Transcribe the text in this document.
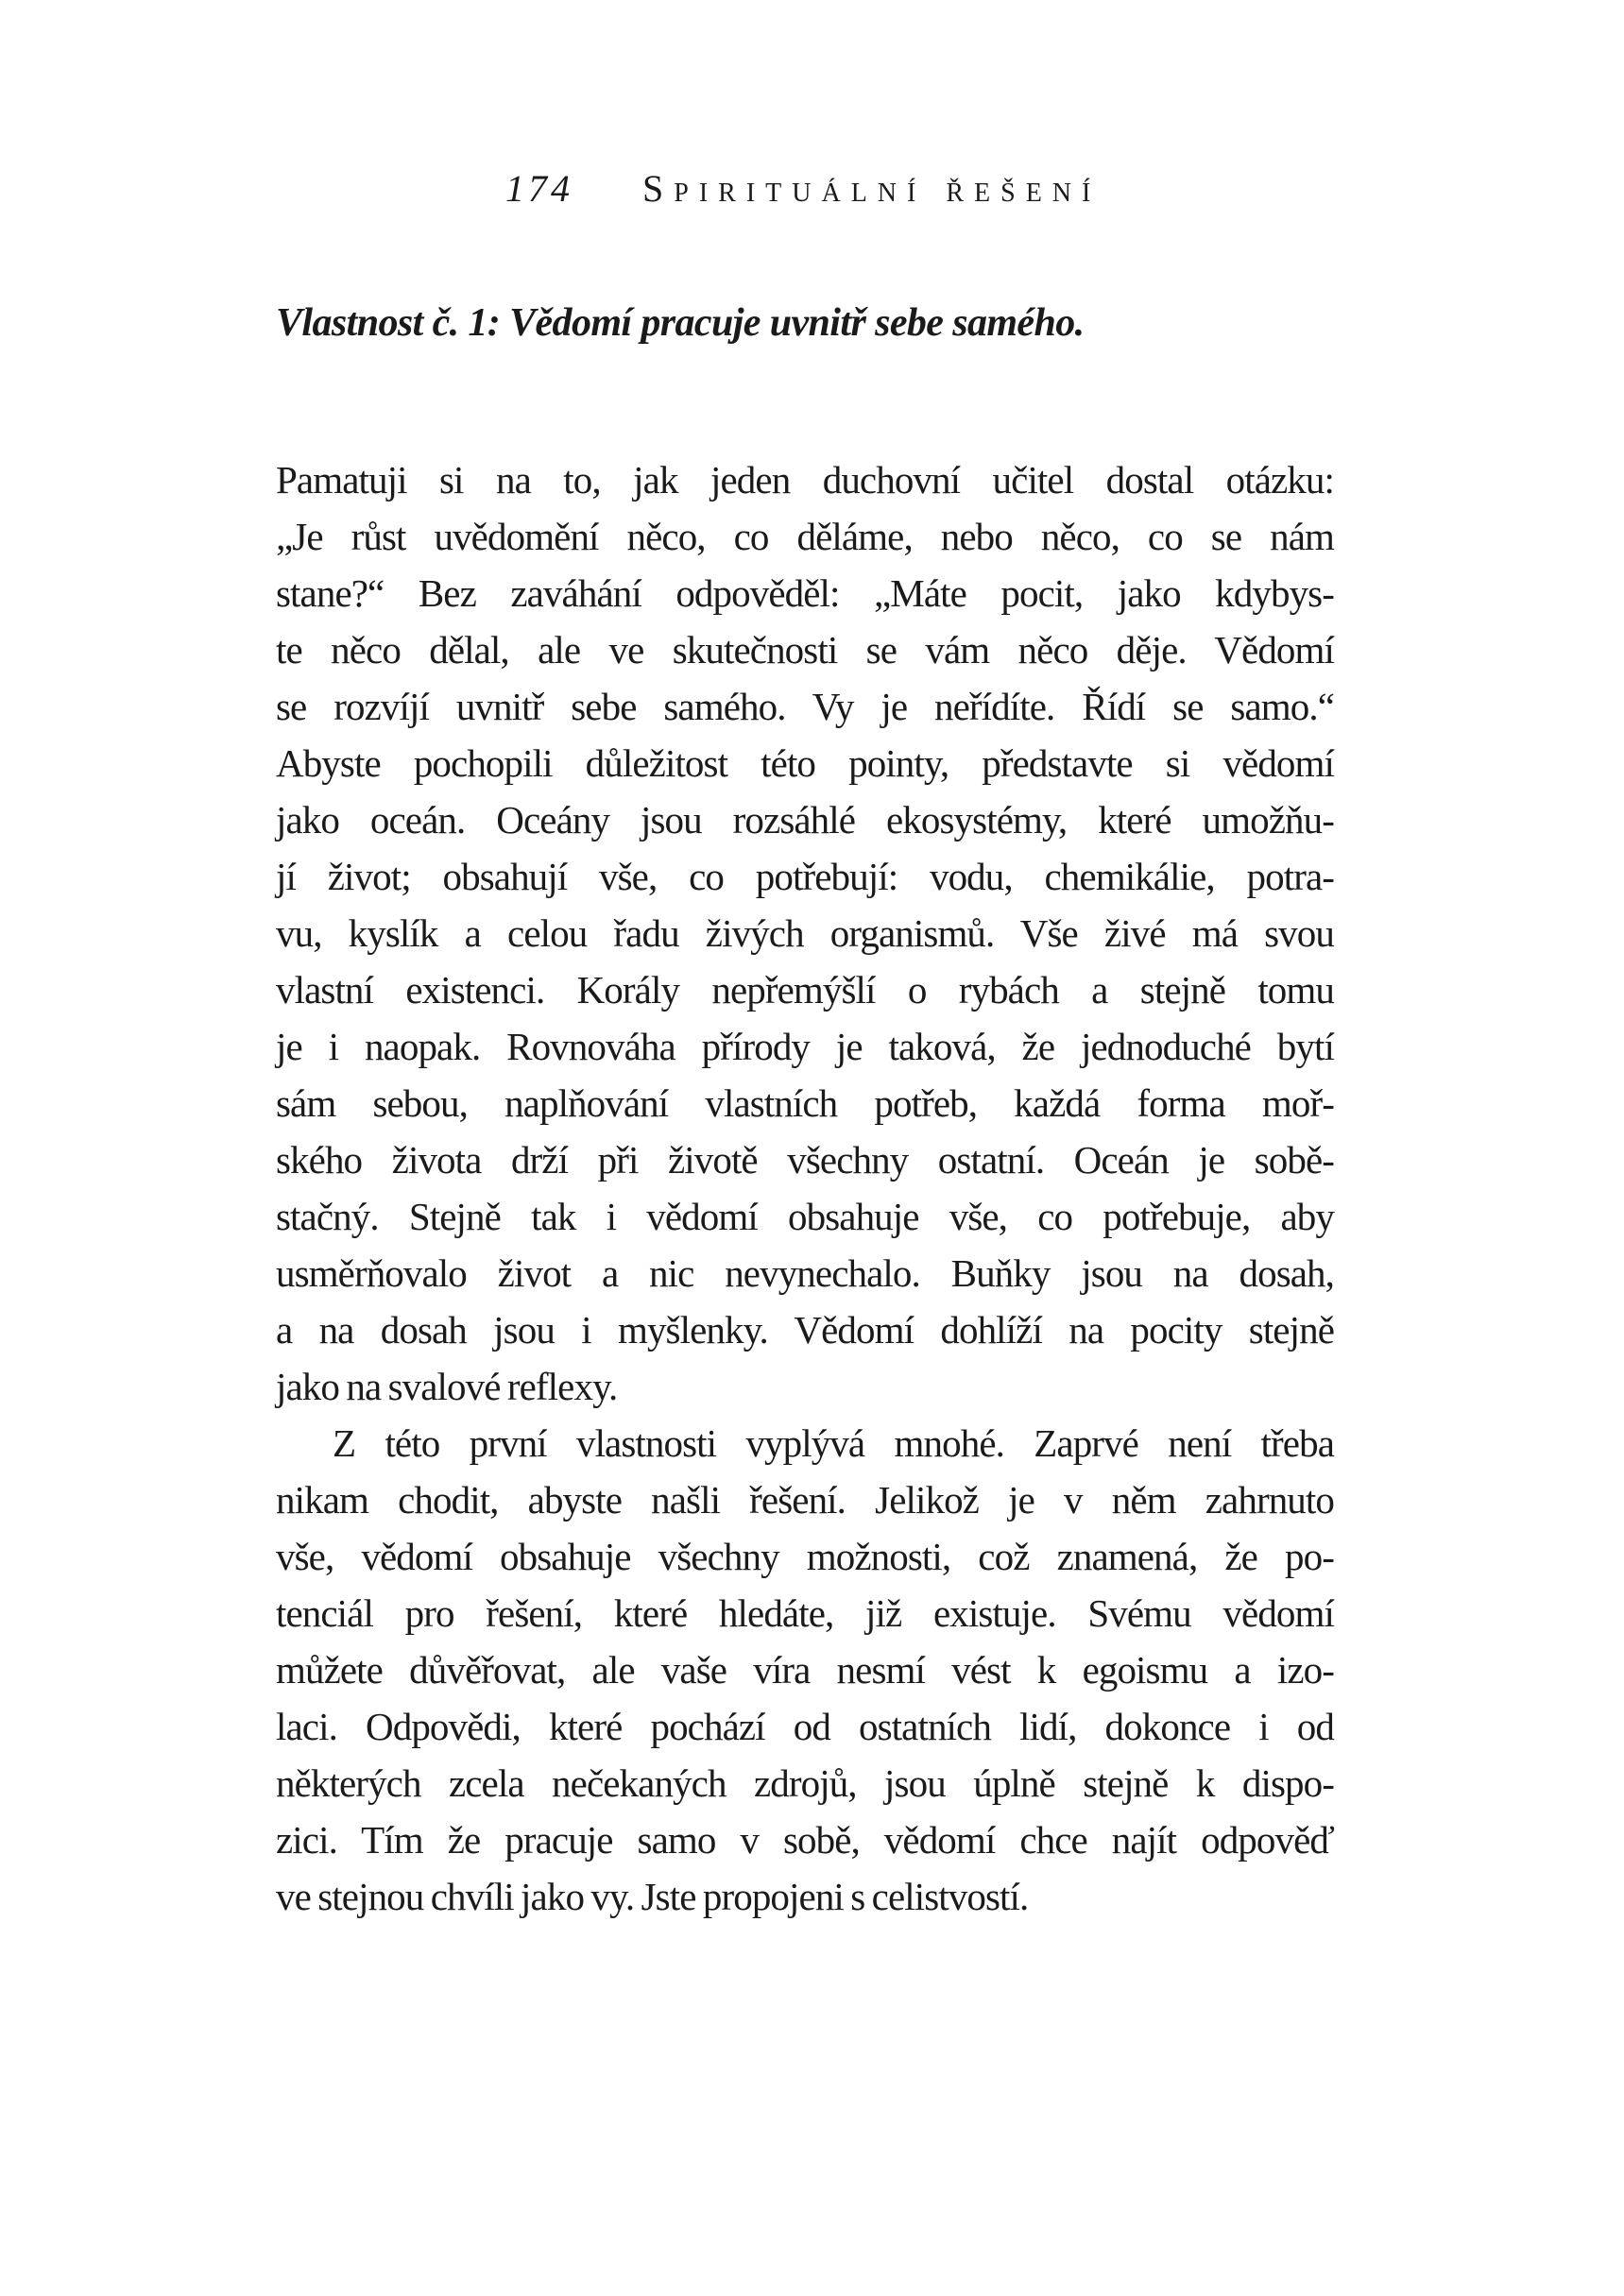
174 Spirituální řešení
Vlastnost č. 1: Vědomí pracuje uvnitř sebe samého.
Pamatuji si na to, jak jeden duchovní učitel dostal otázku:
„Je růst uvědomění něco, co děláme, nebo něco, co se nám
stane?“ Bez zaváhání odpověděl: „Máte pocit, jako kdybys-
te něco dělal, ale ve skutečnosti se vám něco děje. Vědomí
se rozvíjí uvnitř sebe samého. Vy je neřídíte. Řídí se samo.“
Abyste pochopili důležitost této pointy, představte si vědomí
jako oceán. Oceány jsou rozsáhlé ekosystémy, které umožňu-
jí život; obsahují vše, co potřebují: vodu, chemikálie, potra-
vu, kyslík a celou řadu živých organismů. Vše živé má svou
vlastní existenci. Korály nepřemýšlí o rybách a stejně tomu
je i naopak. Rovnováha přírody je taková, že jednoduché bytí
sám sebou, naplňování vlastních potřeb, každá forma moř-
ského života drží při životě všechny ostatní. Oceán je sobě-
stačný. Stejně tak i vědomí obsahuje vše, co potřebuje, aby
usměrňovalo život a nic nevynechalo. Buňky jsou na dosah,
a na dosah jsou i myšlenky. Vědomí dohlíží na pocity stejně
jako na svalové reflexy.
Z této první vlastnosti vyplývá mnohé. Zaprvé není třeba
nikam chodit, abyste našli řešení. Jelikož je v něm zahrnuto
vše, vědomí obsahuje všechny možnosti, což znamená, že po-
tenciál pro řešení, které hledáte, již existuje. Svému vědomí
můžete důvěřovat, ale vaše víra nesmí vést k egoismu a izo-
laci. Odpovědi, které pochází od ostatních lidí, dokonce i od
některých zcela nečekaných zdrojů, jsou úplně stejně k dispo-
zici. Tím že pracuje samo v sobě, vědomí chce najít odpověď
ve stejnou chvíli jako vy. Jste propojeni s celistvostí.
